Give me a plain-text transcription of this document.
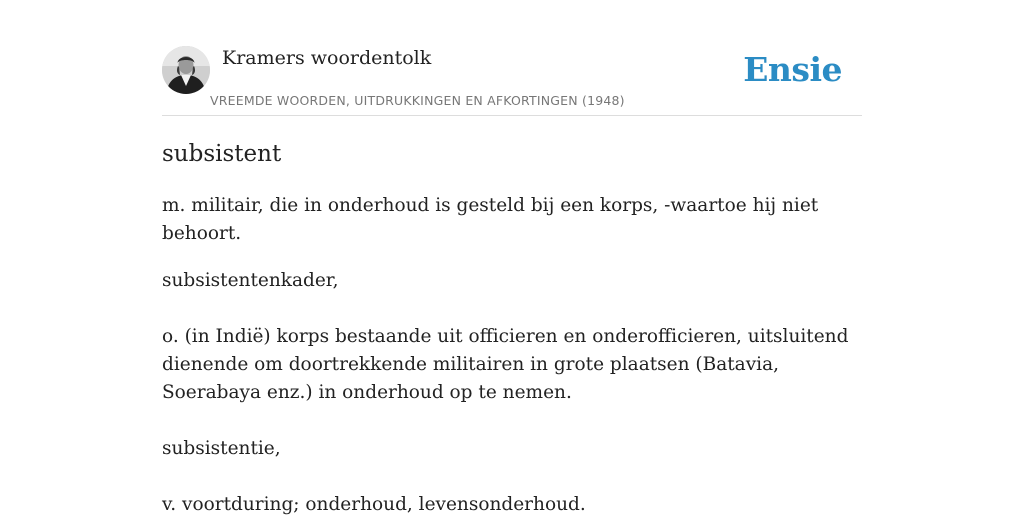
Kramers woordentolk
VREEMDE WOORDEN, UITDRUKKINGEN EN AFKORTINGEN (1948)
Ensie
subsistent

m. militair, die in onderhoud is gesteld bij een korps, -waartoe hij niet behoort.

subsistentenkader,

o. (in Indië) korps bestaande uit officieren en onderofficieren, uitsluitend dienende om doortrekkende militairen in grote plaatsen (Batavia, Soerabaya enz.) in onderhoud op te nemen.

subsistentie,

v. voortduring; onderhoud, levensonderhoud.
